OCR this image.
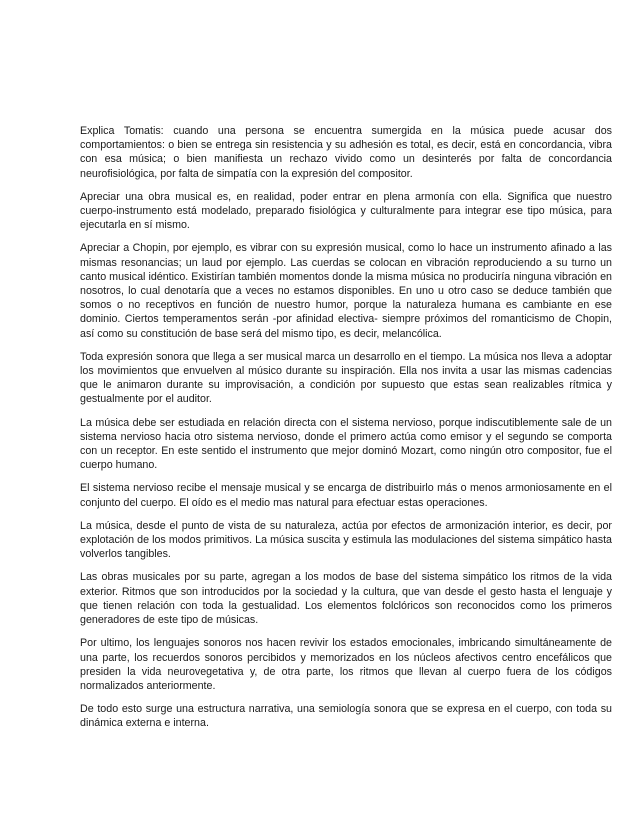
Explica Tomatis: cuando una persona se encuentra sumergida en la música puede acusar dos comportamientos: o bien se entrega sin resistencia y su adhesión es total, es decir, está en concordancia, vibra con esa música; o bien manifiesta un rechazo vivido como un desinterés por falta de concordancia neurofisiológica, por falta de simpatía con la expresión del compositor.

Apreciar una obra musical es, en realidad, poder entrar en plena armonía con ella. Significa que nuestro cuerpo-instrumento está modelado, preparado fisiológica y culturalmente para integrar ese tipo música, para ejecutarla en sí mismo.

Apreciar a Chopin, por ejemplo, es vibrar con su expresión musical, como lo hace un instrumento afinado a las mismas resonancias; un laud por ejemplo. Las cuerdas se colocan en vibración reproduciendo a su turno un canto musical idéntico. Existirían también momentos donde la misma música no produciría ninguna vibración en nosotros, lo cual denotaría que a veces no estamos disponibles. En uno u otro caso se deduce también que somos o no receptivos en función de nuestro humor, porque la naturaleza humana es cambiante en ese dominio. Ciertos temperamentos serán -por afinidad electiva- siempre próximos del romanticismo de Chopin, así como su constitución de base será del mismo tipo, es decir, melancólica.

Toda expresión sonora que llega a ser musical marca un desarrollo en el tiempo. La música nos lleva a adoptar los movimientos que envuelven al músico durante su inspiración. Ella nos invita a usar las mismas cadencias que le animaron durante su improvisación, a condición por supuesto que estas sean realizables rítmica y gestualmente por el auditor.

La música debe ser estudiada en relación directa con el sistema nervioso, porque indiscutiblemente sale de un sistema nervioso hacia otro sistema nervioso, donde el primero actúa como emisor y el segundo se comporta con un receptor. En este sentido el instrumento que mejor dominó Mozart, como ningún otro compositor, fue el cuerpo humano.

El sistema nervioso recibe el mensaje musical y se encarga de distribuirlo más o menos armoniosamente en el conjunto del cuerpo. El oído es el medio mas natural para efectuar estas operaciones.

La música, desde el punto de vista de su naturaleza, actúa por efectos de armonización interior, es decir, por explotación de los modos primitivos. La música suscita y estimula las modulaciones del sistema simpático hasta volverlos tangibles.

Las obras musicales por su parte, agregan a los modos de base del sistema simpático los ritmos de la vida exterior. Ritmos que son introducidos por la sociedad y la cultura, que van desde el gesto hasta el lenguaje y que tienen relación con toda la gestualidad. Los elementos folclóricos son reconocidos como los primeros generadores de este tipo de músicas.

Por ultimo, los lenguajes sonoros nos hacen revivir los estados emocionales, imbricando simultáneamente de una parte, los recuerdos sonoros percibidos y memorizados en los núcleos afectivos centro encefálicos que presiden la vida neurovegetativa y, de otra parte, los ritmos que llevan al cuerpo fuera de los códigos normalizados anteriormente.

De todo esto surge una estructura narrativa, una semiología sonora que se expresa en el cuerpo, con toda su dinámica externa e interna.
